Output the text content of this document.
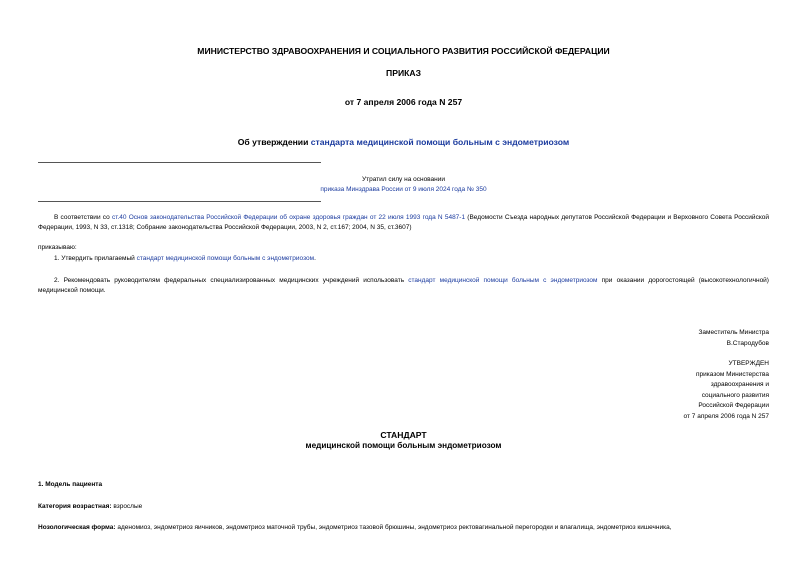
МИНИСТЕРСТВО ЗДРАВООХРАНЕНИЯ И СОЦИАЛЬНОГО РАЗВИТИЯ РОССИЙСКОЙ ФЕДЕРАЦИИ
ПРИКАЗ
от 7 апреля 2006 года N 257
Об утверждении стандарта медицинской помощи больным с эндометриозом
Утратил силу на основании
приказа Минздрава России от 9 июля 2024 года № 350
В соответствии со ст.40 Основ законодательства Российской Федерации об охране здоровья граждан от 22 июля 1993 года N 5487-1 (Ведомости Съезда народных депутатов Российской Федерации и Верховного Совета Российской Федерации, 1993, N 33, ст.1318; Собрание законодательства Российской Федерации, 2003, N 2, ст.167; 2004, N 35, ст.3607)
приказываю:
1. Утвердить прилагаемый стандарт медицинской помощи больным с эндометриозом.
2. Рекомендовать руководителям федеральных специализированных медицинских учреждений использовать стандарт медицинской помощи больным с эндометриозом при оказании дорогостоящей (высокотехнологичной) медицинской помощи.
Заместитель Министра
В.Стародубов
УТВЕРЖДЕН
приказом Министерства
здравоохранения и
социального развития
Российской Федерации
от 7 апреля 2006 года N 257
СТАНДАРТ
медицинской помощи больным эндометриозом
1. Модель пациента
Категория возрастная: взрослые
Нозологическая форма: аденомиоз, эндометриоз яичников, эндометриоз маточной трубы, эндометриоз тазовой брюшины, эндометриоз ректовагинальной перегородки и влагалища, эндометриоз кишечника,
